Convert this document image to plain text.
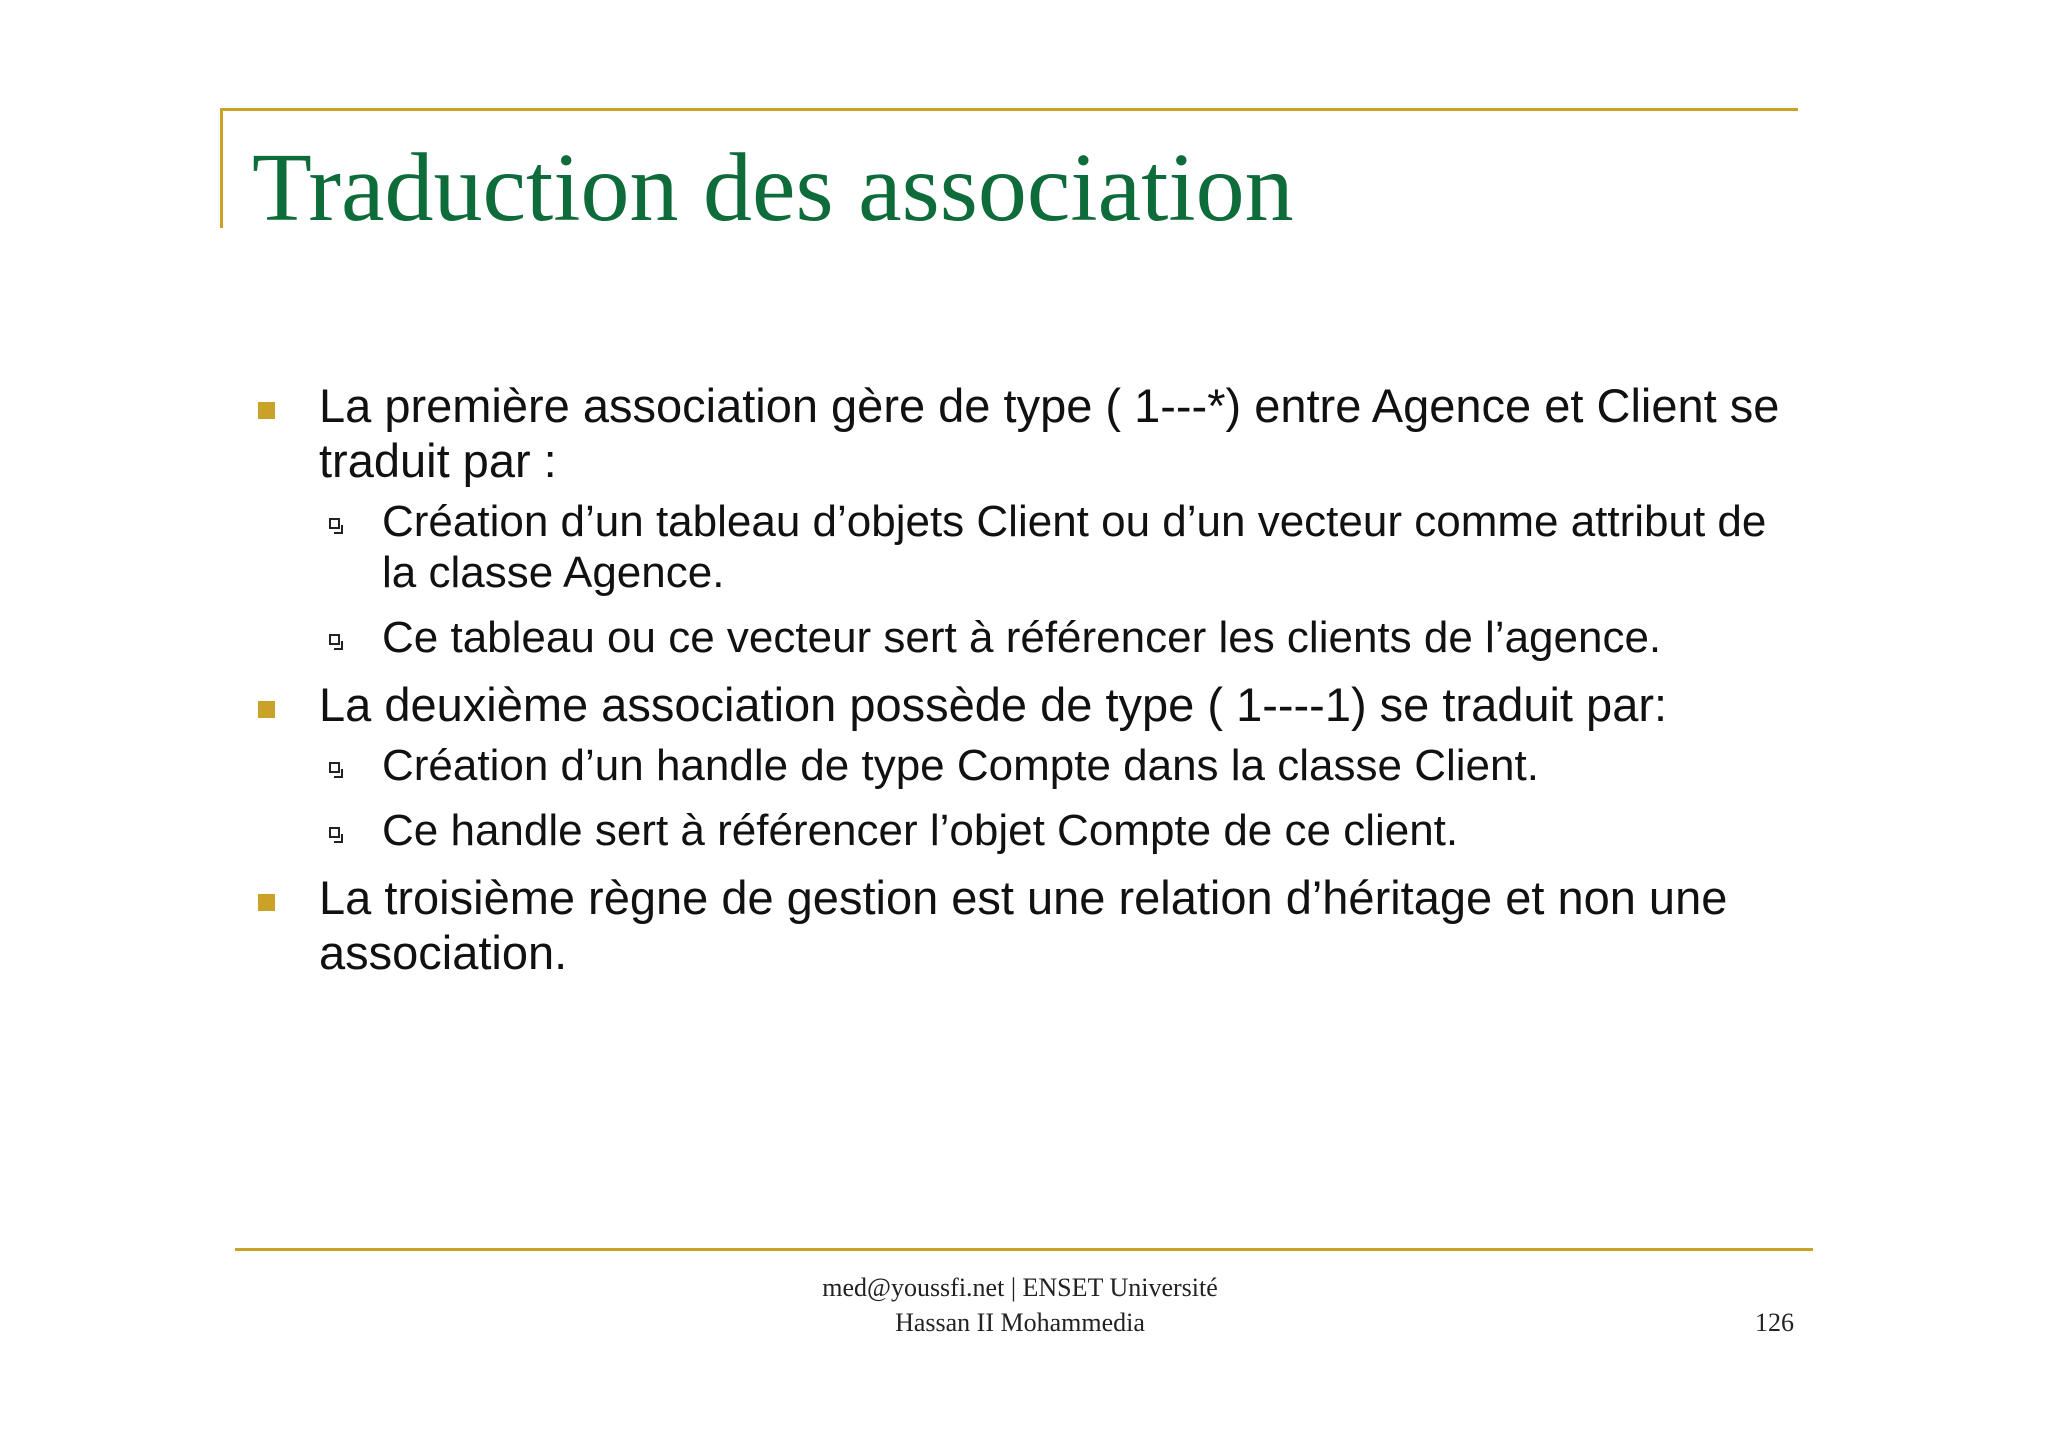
Traduction des association
La première association gère de type ( 1---*) entre Agence et Client se traduit par :
Création d’un tableau d’objets Client ou d’un vecteur comme attribut de la classe Agence.
Ce tableau ou ce vecteur sert à référencer les clients de l’agence.
La deuxième association possède de type ( 1----1) se traduit par:
Création d’un handle de type Compte dans la classe Client.
Ce handle sert à référencer l’objet Compte de ce client.
La troisième règne de gestion est une relation d’héritage et non une association.
med@youssfi.net | ENSET Université
Hassan II Mohammedia	126
